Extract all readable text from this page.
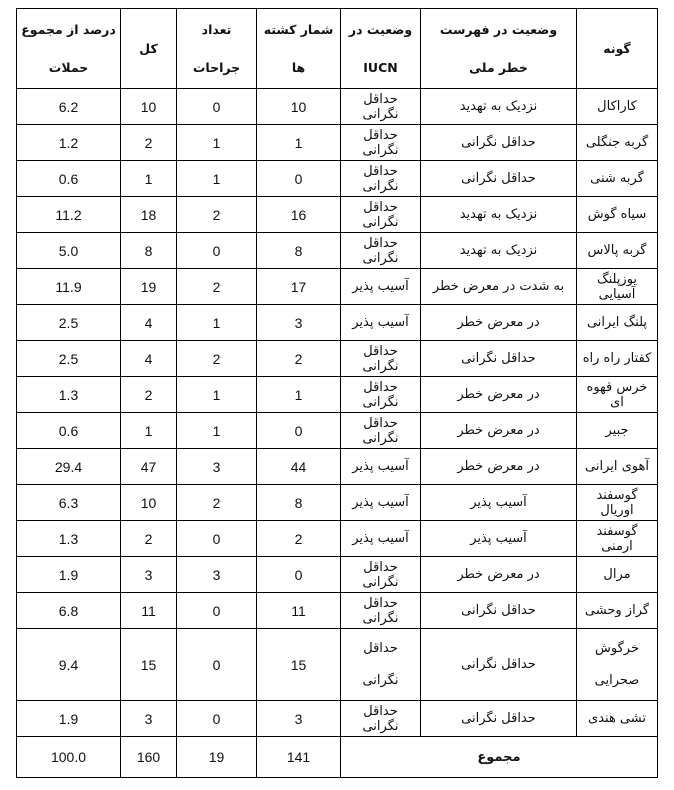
درصد از مجموع حملات	کل	تعداد جراحات	شمار کشته ها	وضعیت در IUCN	وضعیت در فهرست خطر ملی	گونه
6.2	10	0	10	حداقل نگرانی	نزدیک به تهدید	کاراکال
1.2	2	1	1	حداقل نگرانی	حداقل نگرانی	گربه جنگلی
0.6	1	1	0	حداقل نگرانی	حداقل نگرانی	گربه شنی
11.2	18	2	16	حداقل نگرانی	نزدیک به تهدید	سیاه گوش
5.0	8	0	8	حداقل نگرانی	نزدیک به تهدید	گربه پالاس
11.9	19	2	17	آسیب پذیر	به شدت در معرض خطر	یوزپلنگ آسیایی
2.5	4	1	3	آسیب پذیر	در معرض خطر	پلنگ ایرانی
2.5	4	2	2	حداقل نگرانی	حداقل نگرانی	کفتار راه راه
1.3	2	1	1	حداقل نگرانی	در معرض خطر	خرس قهوه ای
0.6	1	1	0	حداقل نگرانی	در معرض خطر	جبیر
29.4	47	3	44	آسیب پذیر	در معرض خطر	آهوی ایرانی
6.3	10	2	8	آسیب پذیر	آسیب پذیر	گوسفند اوریال
1.3	2	0	2	آسیب پذیر	آسیب پذیر	گوسفند ارمنی
1.9	3	3	0	حداقل نگرانی	در معرض خطر	مرال
6.8	11	0	11	حداقل نگرانی	حداقل نگرانی	گراز وحشی
9.4	15	0	15	حداقل نگرانی	حداقل نگرانی	خرگوش صحرایی
1.9	3	0	3	حداقل نگرانی	حداقل نگرانی	تشی هندی
100.0	160	19	141	مجموع		
